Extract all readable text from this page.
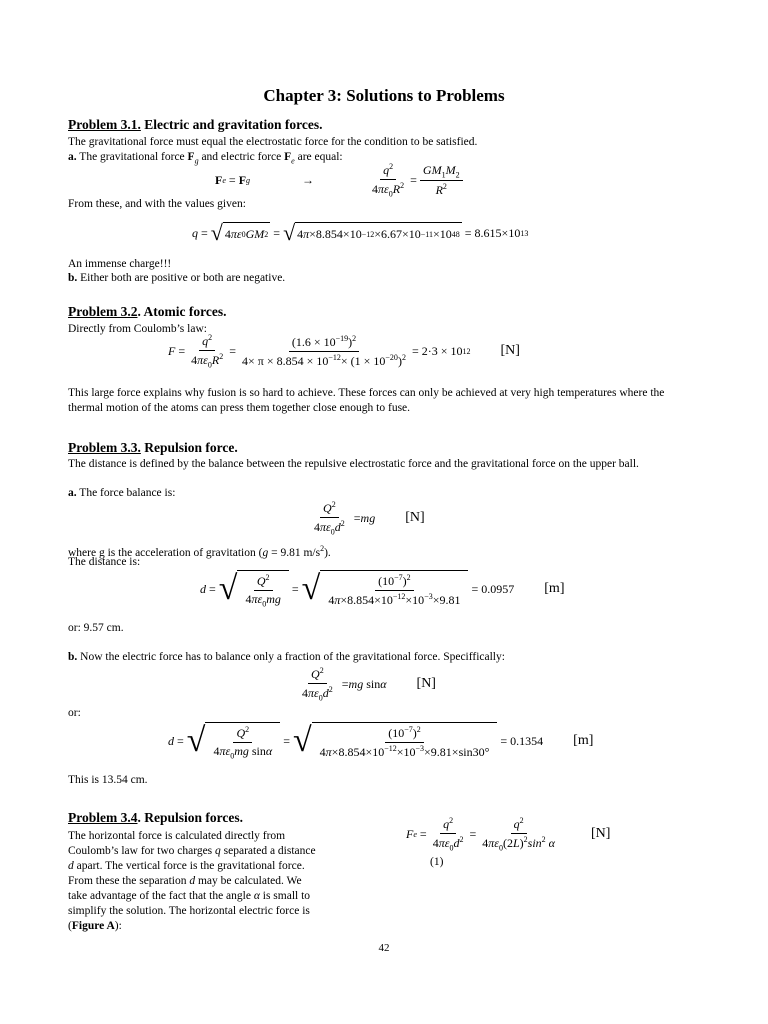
Chapter 3: Solutions to Problems
Problem 3.1. Electric and gravitation forces.
The gravitational force must equal the electrostatic force for the condition to be satisfied.
a. The gravitational force $F_g$ and electric force $F_e$ are equal:
F e = F g	→	$\frac{q^2}{4\pi\varepsilon_0R^2} = \frac{GM_1M_2}{R^2}$
From these, and with the values given:
q = √ 4 πε 0 GM 2 = √ 4 π ×8.854×10 −12 ×6.67×10 −11 ×10 48 = 8.615×10 13
An immense charge!!!
b. Either both are positive or both are negative.
Problem 3.2. Atomic forces.
Directly from Coulomb’s law:
$F = \frac{q^2}{4\pi\varepsilon_0R^2} = \frac{(1.6 \times 10^{-19})^2}{4\times \pi \times 8.854 \times 10^{-12}\times (1 \times 10^{-20})^2} = 2\cdot 3 \times 10$ 12 [N]
This large force explains why fusion is so hard to achieve. These forces can only be achieved at very high temperatures where the thermal motion of the atoms can press them together close enough to fuse.
Problem 3.3. Repulsion force.
The distance is defined by the balance between the repulsive electrostatic force and the gravitational force on the upper ball.
a. The force balance is:
$\frac{Q^2}{4\pi\varepsilon_0d^2}$ = mg [N]
where g is the acceleration of gravitation (g = 9.81 $m/s^2$).
The distance is:
d = √ $\frac{Q^2}{4\pi\varepsilon_0mg}$ = √ $\frac{(10^{-7})^2}{4\pi\times 8.854\times 10^{-12}\times 10^{-3}\times 9.81}$
= 0.0957 [m]
or: 9.57 cm.
b. Now the electric force has to balance only a fraction of the gravitational force. Speciffically:
$\frac{Q^2}{4\pi\varepsilon_0d^2}$ = mg sin α [N]
or:
d = √ $\frac{Q^2}{4\pi\varepsilon_0mg \sin\alpha}$ = √ $\frac{(10^{-7})^2}{4\pi\times 8.854\times 10^{-12}\times 10^{-3}\times 9.81\times\sin 30^\circ}$
= 0.1354 [m]
This is 13.54 cm.
Problem 3.4. Repulsion forces.
The horizontal force is calculated directly from Coulomb’s law for two charges q separated a distance d apart. The vertical force is the gravitational force. From these the separation d may be calculated. We take advantage of the fact that the angle α is small to simplify the solution. The horizontal electric force is (Figure A):
F $e = \frac{q^2}{4\pi\varepsilon_0d^2} = \frac{q^2}{4\pi\varepsilon_0(2L)^2\sin^2 \alpha} [N]$
(1)
42
